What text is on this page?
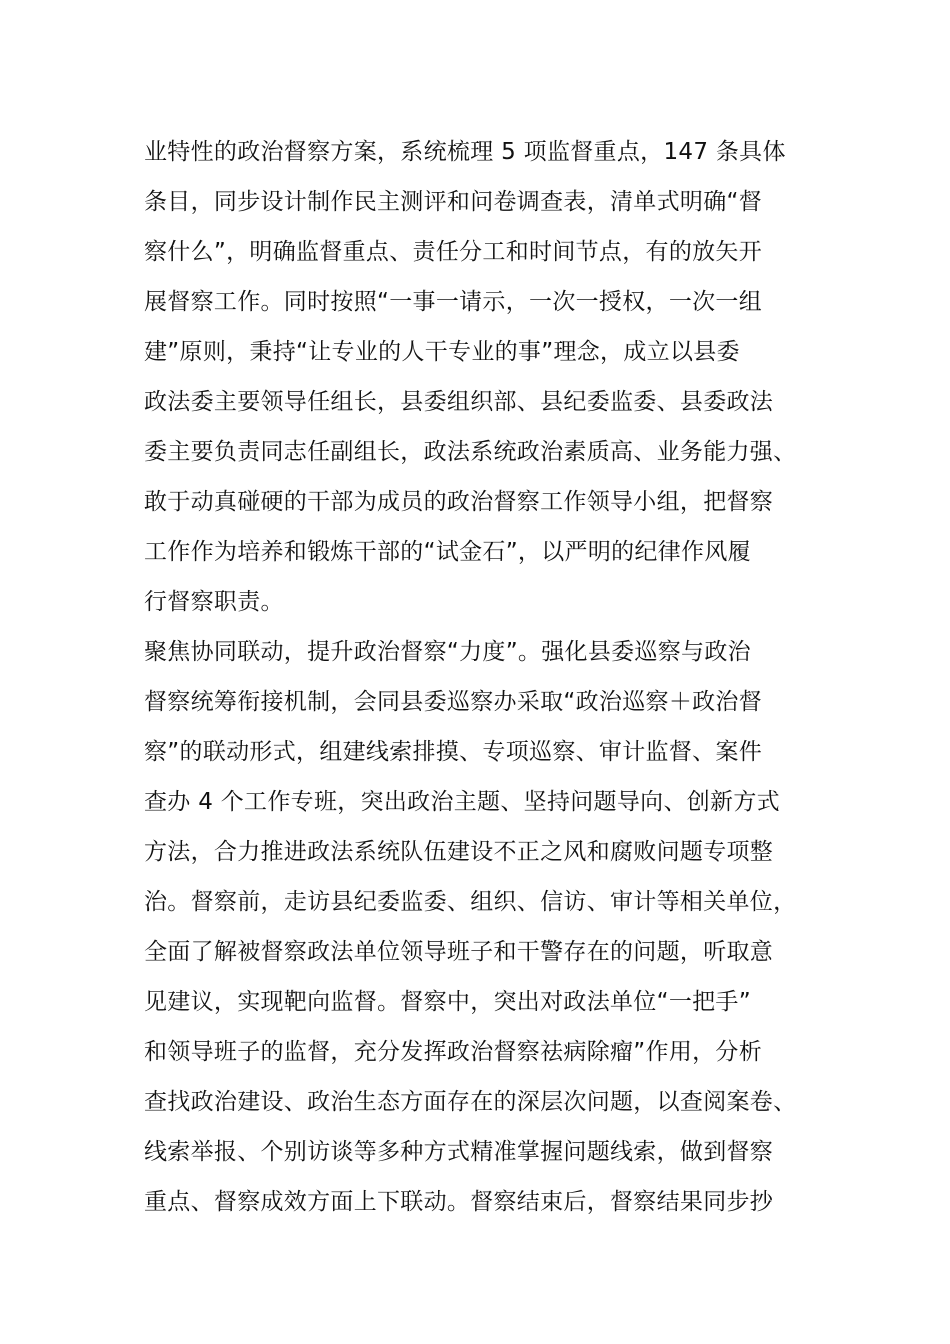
业特性的政治督察方案，系统梳理 5 项监督重点，147 条具体
条目，同步设计制作民主测评和问卷调查表，清单式明确“督
察什么”，明确监督重点、责任分工和时间节点，有的放矢开
展督察工作。同时按照“一事一请示，一次一授权，一次一组
建”原则，秉持“让专业的人干专业的事”理念，成立以县委
政法委主要领导任组长，县委组织部、县纪委监委、县委政法
委主要负责同志任副组长，政法系统政治素质高、业务能力强、
敢于动真碰硬的干部为成员的政治督察工作领导小组，把督察
工作作为培养和锻炼干部的“试金石”，以严明的纪律作风履
行督察职责。
聚焦协同联动，提升政治督察“力度”。强化县委巡察与政治
督察统筹衔接机制，会同县委巡察办采取“政治巡察＋政治督
察”的联动形式，组建线索排摸、专项巡察、审计监督、案件
查办 4 个工作专班，突出政治主题、坚持问题导向、创新方式
方法，合力推进政法系统队伍建设不正之风和腐败问题专项整
治。督察前，走访县纪委监委、组织、信访、审计等相关单位，
全面了解被督察政法单位领导班子和干警存在的问题，听取意
见建议，实现靶向监督。督察中，突出对政法单位“一把手”
和领导班子的监督，充分发挥政治督察祛病除瘤”作用，分析
查找政治建设、政治生态方面存在的深层次问题，以查阅案卷、
线索举报、个别访谈等多种方式精准掌握问题线索，做到督察
重点、督察成效方面上下联动。督察结束后，督察结果同步抄
